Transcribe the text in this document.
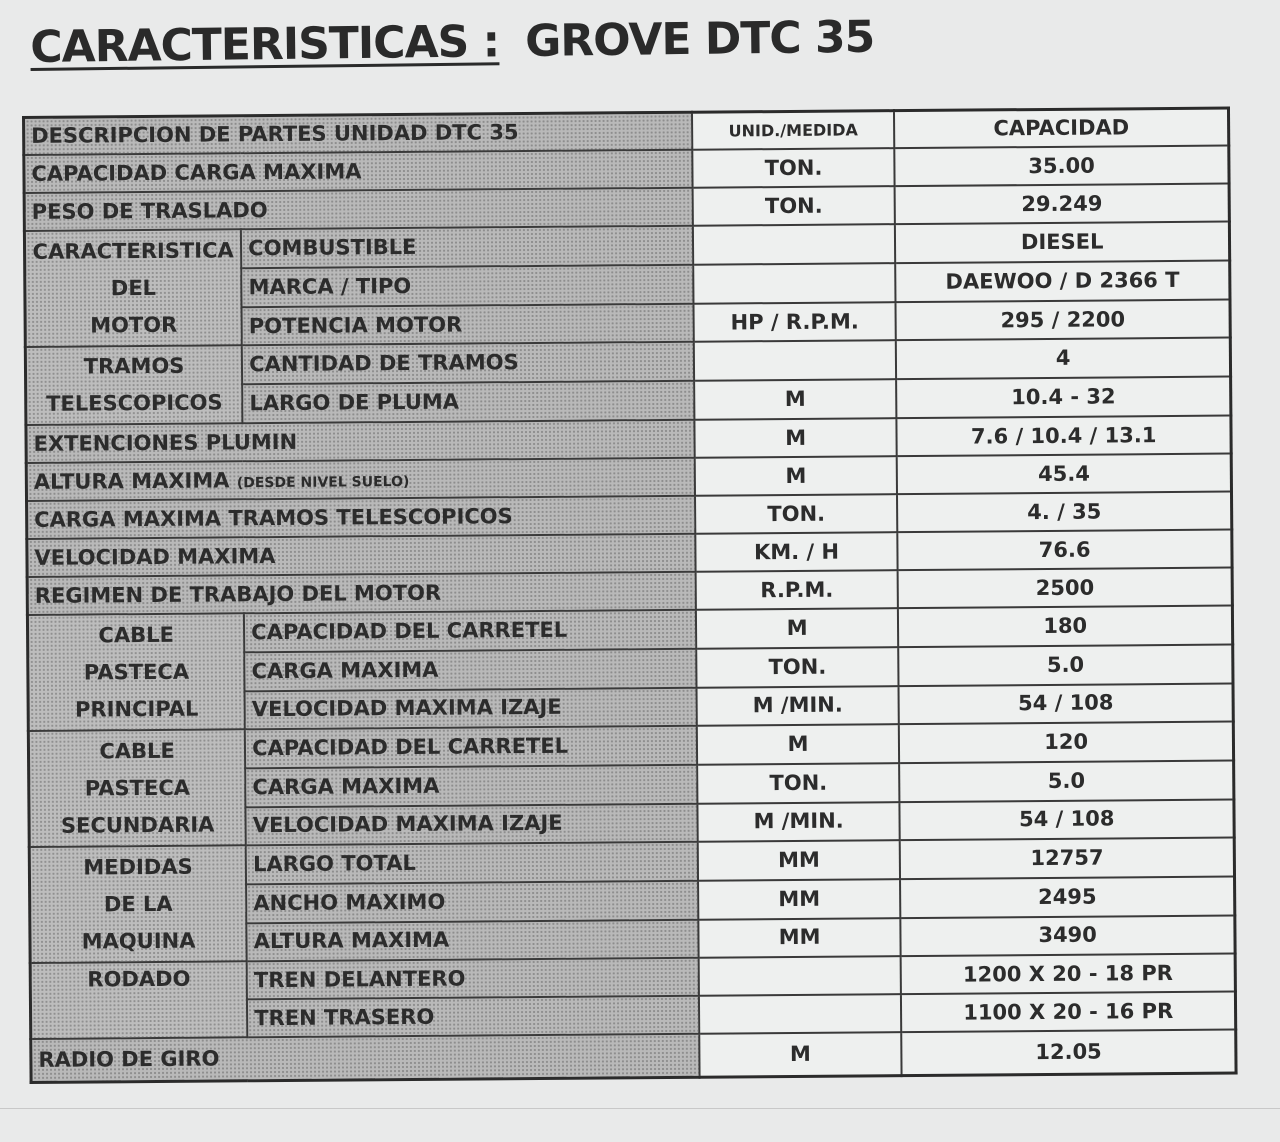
CARACTERISTICAS : GROVE DTC 35
DESCRIPCION DE PARTES UNIDAD DTC 35		UNID./MEDIDA	CAPACIDAD
CAPACIDAD CARGA MAXIMA		TON.	35.00
PESO DE TRASLADO		TON.	29.249

CARACTERISTICA
DEL
MOTOR	COMBUSTIBLE		DIESEL
	MARCA / TIPO		DAEWOO / D 2366 T
	POTENCIA MOTOR	HP / R.P.M.	295 / 2200

TRAMOS
TELESCOPICOS	CANTIDAD DE TRAMOS		4
	LARGO DE PLUMA	M	10.4 - 32
EXTENCIONES PLUMIN		M	7.6 / 10.4 / 13.1
ALTURA MAXIMA (DESDE NIVEL SUELO)		M	45.4
CARGA MAXIMA TRAMOS TELESCOPICOS		TON.	4. / 35
VELOCIDAD MAXIMA		KM. / H	76.6
REGIMEN DE TRABAJO DEL MOTOR		R.P.M.	2500

CABLE
PASTECA
PRINCIPAL	CAPACIDAD DEL CARRETEL	M	180
	CARGA MAXIMA	TON.	5.0
	VELOCIDAD MAXIMA IZAJE	M /MIN.	54 / 108

CABLE
PASTECA
SECUNDARIA	CAPACIDAD DEL CARRETEL	M	120
	CARGA MAXIMA	TON.	5.0
	VELOCIDAD MAXIMA IZAJE	M /MIN.	54 / 108

MEDIDAS
DE LA
MAQUINA	LARGO TOTAL	MM	12757
	ANCHO MAXIMO	MM	2495
	ALTURA MAXIMA	MM	3490
RODADO	TREN DELANTERO		1200 X 20 - 18 PR
	TREN TRASERO		1100 X 20 - 16 PR
RADIO DE GIRO		M	12.05
